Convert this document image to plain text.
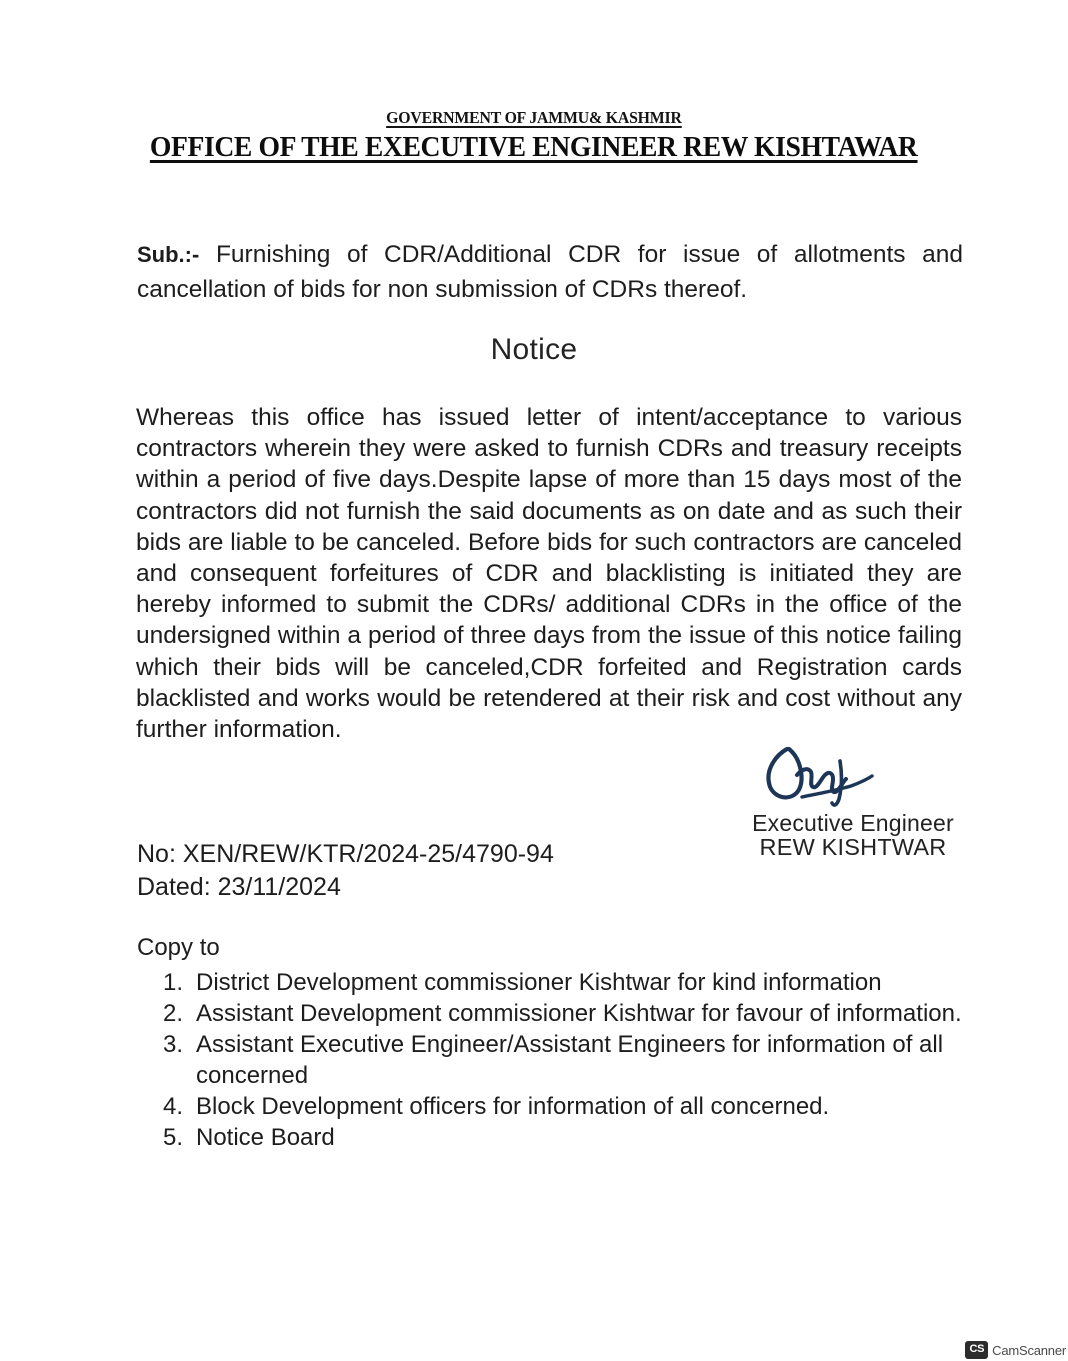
GOVERNMENT OF JAMMU& KASHMIR OFFICE OF THE EXECUTIVE ENGINEER REW KISHTAWAR
Sub.:- Furnishing of CDR/Additional CDR for issue of allotments and cancellation of bids for non submission of CDRs thereof.
Notice
Whereas this office has issued letter of intent/acceptance to various contractors wherein they were asked to furnish CDRs and treasury receipts within a period of five days.Despite lapse of more than 15 days most of the contractors did not furnish the said documents as on date and as such their bids are liable to be canceled. Before bids for such contractors are canceled and consequent forfeitures of CDR and blacklisting is initiated they are hereby informed to submit the CDRs/ additional CDRs in the office of the undersigned within a period of three days from the issue of this notice failing which their bids will be canceled,CDR forfeited and Registration cards blacklisted and works would be retendered at their risk and cost without any further information.
Executive Engineer
REW KISHTWAR
No: XEN/REW/KTR/2024-25/4790-94
Dated: 23/11/2024
Copy to
1. District Development commissioner Kishtwar for kind information
2. Assistant Development commissioner Kishtwar for favour of information.
3. Assistant Executive Engineer/Assistant Engineers for information of all concerned
4. Block Development officers for information of all concerned.
5. Notice Board
CS CamScanner
